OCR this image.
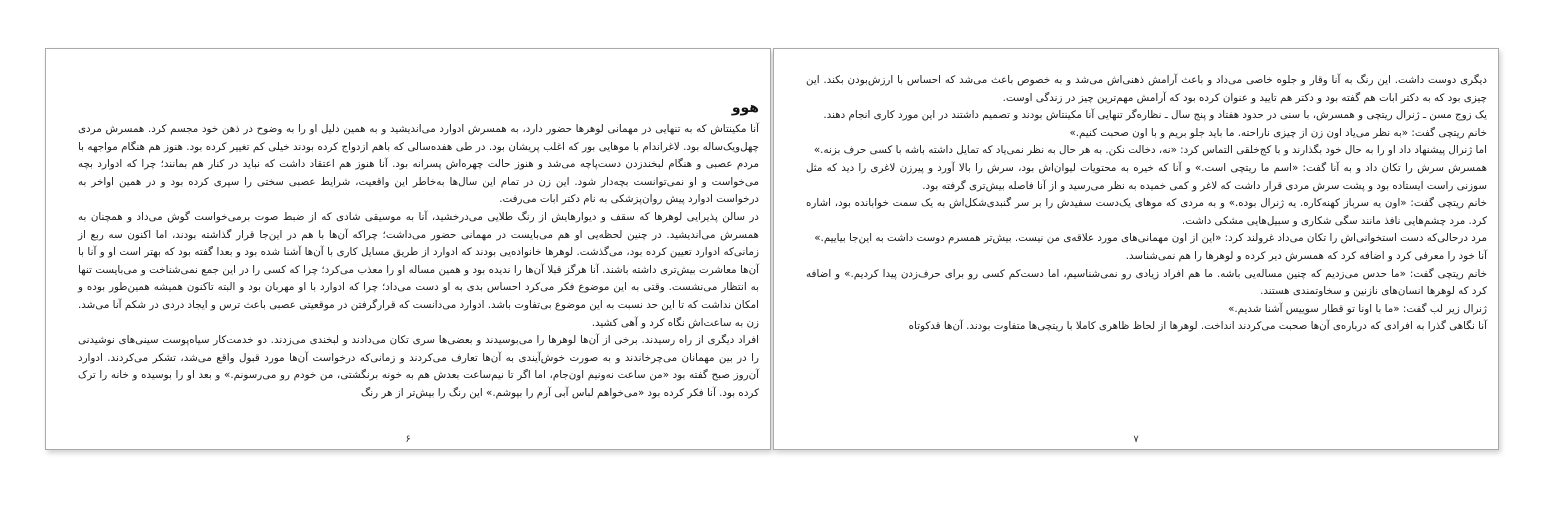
هوو

آنا مکینتاش که به تنهایی در مهمانی لوهرها حضور دارد، به همسرش ادوارد می‌اندیشید و به همین دلیل او را به وضوح در ذهن خود مجسم کرد. همسرش مردی چهل‌ویک‌ساله بود. لاغراندام با موهایی بور که اغلب پریشان بود. در طی هفده‌سالی که باهم ازدواج کرده بودند خیلی کم تغییر کرده بود. هنوز هم هنگام مواجهه با مردم عصبی و هنگام لبخندزدن دست‌پاچه می‌شد و هنوز حالت چهره‌اش پسرانه بود. آنا هنوز هم اعتقاد داشت که نباید در کنار هم بمانند؛ چرا که ادوارد بچه می‌خواست و او نمی‌توانست بچه‌دار شود. این زن در تمام این سال‌ها به‌خاطر این واقعیت، شرایط عصبی سختی را سپری کرده بود و در همین اواخر به درخواست ادوارد پیش روان‌پزشکی به نام دکتر ابات می‌رفت.

در سالن پذیرایی لوهرها که سقف و دیوارهایش از رنگ طلایی می‌درخشید، آنا به موسیقی شادی که از ضبط صوت برمی‌خواست گوش می‌داد و همچنان به همسرش می‌اندیشید. در چنین لحظه‌یی او هم می‌بایست در مهمانی حضور می‌داشت؛ چراکه آن‌ها با هم در این‌جا قرار گذاشته بودند، اما اکنون سه ربع از زمانی‌که ادوارد تعیین کرده بود، می‌گذشت. لوهرها خانواده‌یی بودند که ادوارد از طریق مسایل کاری با آن‌ها آشنا شده بود و بعدا گفته بود که بهتر است او و آنا با آن‌ها معاشرت بیش‌تری داشته باشند. آنا هرگز قبلا آن‌ها را ندیده بود و همین مساله او را معذب می‌کرد؛ چرا که کسی را در این جمع نمی‌شناخت و می‌بایست تنها به انتظار می‌نشست. وقتی به این موضوع فکر می‌کرد احساس بدی به او دست می‌داد؛ چرا که ادوارد با او مهربان بود و البته تاکنون همیشه همین‌طور بوده و امکان نداشت که تا این حد نسبت به این موضوع بی‌تفاوت باشد. ادوارد می‌دانست که قرارگرفتن در موقعیتی عصبی باعث ترس و ایجاد دردی در شکم آنا می‌شد. زن به ساعت‌اش نگاه کرد و آهی کشید.

افراد دیگری از راه رسیدند. برخی از آن‌ها لوهرها را می‌بوسیدند و بعضی‌ها سری تکان می‌دادند و لبخندی می‌زدند. دو خدمت‌کار سیاه‌پوست سینی‌های نوشیدنی را در بین مهمانان می‌چرخاندند و به صورت خوش‌آیندی به آن‌ها تعارف می‌کردند و زمانی‌که درخواست آن‌ها مورد قبول واقع می‌شد، تشکر می‌کردند. ادوارد آن‌روز صبح گفته بود «من ساعت نه‌ونیم اون‌جام، اما اگر تا نیم‌ساعت بعدش هم به خونه برنگشتی، من خودم رو می‌رسونم.» و بعد او را بوسیده و خانه را ترک کرده بود. آنا فکر کرده بود «می‌خواهم لباس آبی آرم را بپوشم.» این رنگ را بیش‌تر از هر رنگ

۶

دیگری دوست داشت. این رنگ به آنا وقار و جلوه خاصی می‌داد و باعث آرامش ذهنی‌اش می‌شد و به خصوص باعث می‌شد که احساس با ارزش‌بودن بکند. این چیزی بود که به دکتر ابات هم گفته بود و دکتر هم تایید و عنوان کرده بود که آرامش مهم‌ترین چیز در زندگی اوست.

یک زوج مسن ـ ژنرال ریتچی و همسرش، با سنی در حدود هفتاد و پنج سال ـ نظاره‌گر تنهایی آنا مکینتاش بودند و تصمیم داشتند در این مورد کاری انجام دهند.

خانم ریتچی گفت: «به نظر می‌یاد اون زن از چیزی ناراحته. ما باید جلو بریم و با اون صحبت کنیم.»

اما ژنرال پیشنهاد داد او را به حال خود بگذارند و با کج‌خلقی التماس کرد: «نه، دخالت نکن. به هر حال به نظر نمی‌یاد که تمایل داشته باشه با کسی حرف بزنه.»

همسرش سرش را تکان داد و به آنا گفت: «اسم ما ریتچی است.» و آنا که خیره به محتویات لیوان‌اش بود، سرش را بالا آورد و پیرزن لاغری را دید که مثل سوزنی راست ایستاده بود و پشت سرش مردی قرار داشت که لاغر و کمی خمیده به نظر می‌رسید و از آنا فاصله بیش‌تری گرفته بود.

خانم ریتچی گفت: «اون یه سرباز کهنه‌کاره. یه ژنرال بوده.» و به مردی که موهای یک‌دست سفیدش را بر سر گنبدی‌شکل‌اش به یک سمت خوابانده بود، اشاره کرد. مرد چشم‌هایی نافذ مانند سگی شکاری و سبیل‌هایی مشکی داشت.

مرد درحالی‌که دست استخوانی‌اش را تکان می‌داد غرولند کرد: «این از اون مهمانی‌های مورد علاقه‌ی من نیست. بیش‌تر همسرم دوست داشت به این‌جا بیاییم.»

آنا خود را معرفی کرد و اضافه کرد که همسرش دیر کرده و لوهرها را هم نمی‌شناسد.

خانم ریتچی گفت: «ما حدس می‌زدیم که چنین مساله‌یی باشه. ما هم افراد زیادی رو نمی‌شناسیم، اما دست‌کم کسی رو برای حرف‌زدن پیدا کردیم.» و اضافه کرد که لوهرها انسان‌های نازنین و سخاوتمندی هستند.

ژنرال زیر لب گفت: «ما با اونا تو قطار سوییس آشنا شدیم.»

آنا نگاهی گذرا به افرادی که درباره‌ی آن‌ها صحبت می‌کردند انداخت. لوهرها از لحاظ ظاهری کاملا با ریتچی‌ها متفاوت بودند. آن‌ها قدکوتاه

۷
